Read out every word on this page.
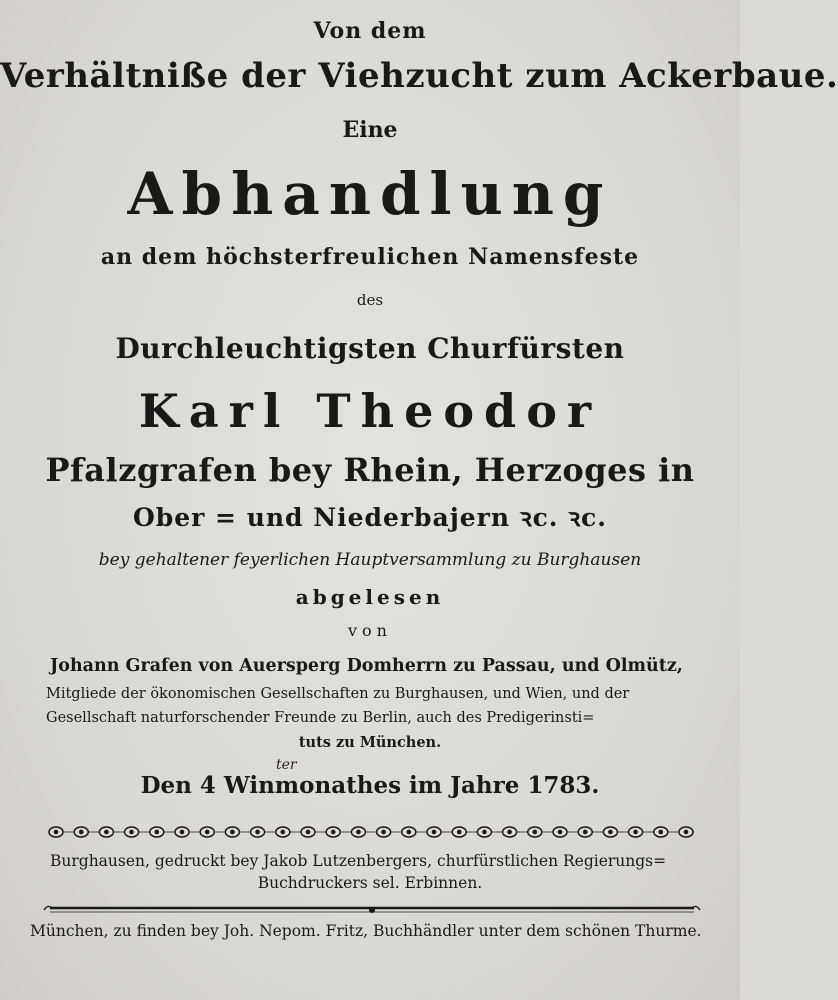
Von dem
Verhältniße der Viehzucht zum Ackerbaue.
Eine
Abhandlung
an dem höchsterfreulichen Namensfeste
des
Durchleuchtigsten Churfürsten
Karl Theodor
Pfalzgrafen bey Rhein, Herzoges in
Ober = und Niederbajern ꝛc. ꝛc.
bey gehaltener feyerlichen Hauptversammlung zu Burghausen
abgelesen
von
Johann Grafen von Auersperg Domherrn zu Passau, und Olmütz,
Mitgliede der ökonomischen Gesellschaften zu Burghausen, und Wien, und der
Gesellschaft naturforschender Freunde zu Berlin, auch des Predigerinsti=
tuts zu München.
Den 4 Winmonathes im Jahre 1783.
ter
Burghausen, gedruckt bey Jakob Lutzenbergers, churfürstlichen Regierungs=
Buchdruckers sel. Erbinnen.
München, zu finden bey Joh. Nepom. Fritz, Buchhändler unter dem schönen Thurme.
